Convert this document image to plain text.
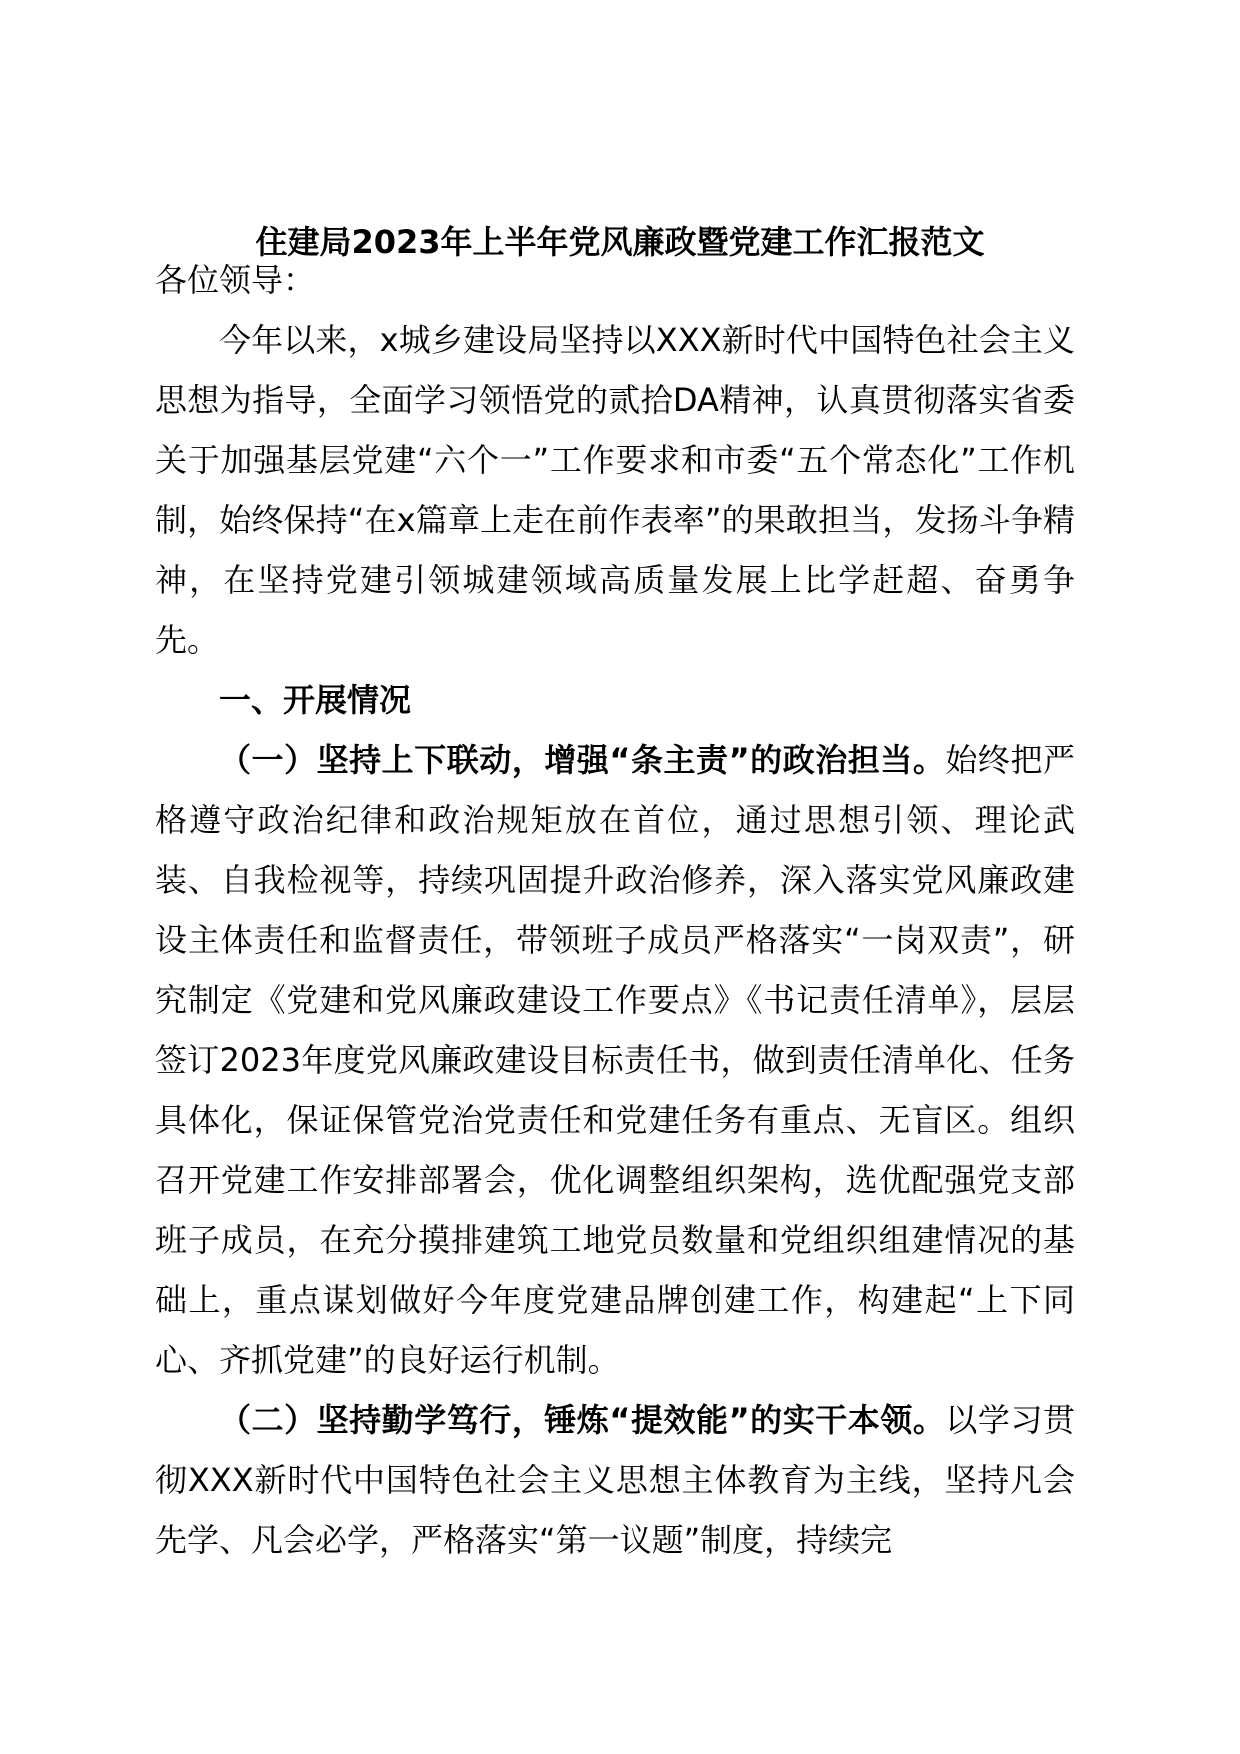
住建局2023年上半年党风廉政暨党建工作汇报范文

各位领导：

今年以来，x城乡建设局坚持以XXX新时代中国特色社会主义思想为指导，全面学习领悟党的贰拾DA精神，认真贯彻落实省委关于加强基层党建“六个一”工作要求和市委“五个常态化”工作机制，始终保持“在x篇章上走在前作表率”的果敢担当，发扬斗争精神，在坚持党建引领城建领域高质量发展上比学赶超、奋勇争先。

一、开展情况

（一）坚持上下联动，增强“条主责”的政治担当。始终把严格遵守政治纪律和政治规矩放在首位，通过思想引领、理论武装、自我检视等，持续巩固提升政治修养，深入落实党风廉政建设主体责任和监督责任，带领班子成员严格落实“一岗双责”，研究制定《党建和党风廉政建设工作要点》《书记责任清单》，层层签订2023年度党风廉政建设目标责任书，做到责任清单化、任务具体化，保证保管党治党责任和党建任务有重点、无盲区。组织召开党建工作安排部署会，优化调整组织架构，选优配强党支部班子成员，在充分摸排建筑工地党员数量和党组织组建情况的基础上，重点谋划做好今年度党建品牌创建工作，构建起“上下同心、齐抓党建”的良好运行机制。

（二）坚持勤学笃行，锤炼“提效能”的实干本领。以学习贯彻XXX新时代中国特色社会主义思想主体教育为主线，坚持凡会先学、凡会必学，严格落实“第一议题”制度，持续完
